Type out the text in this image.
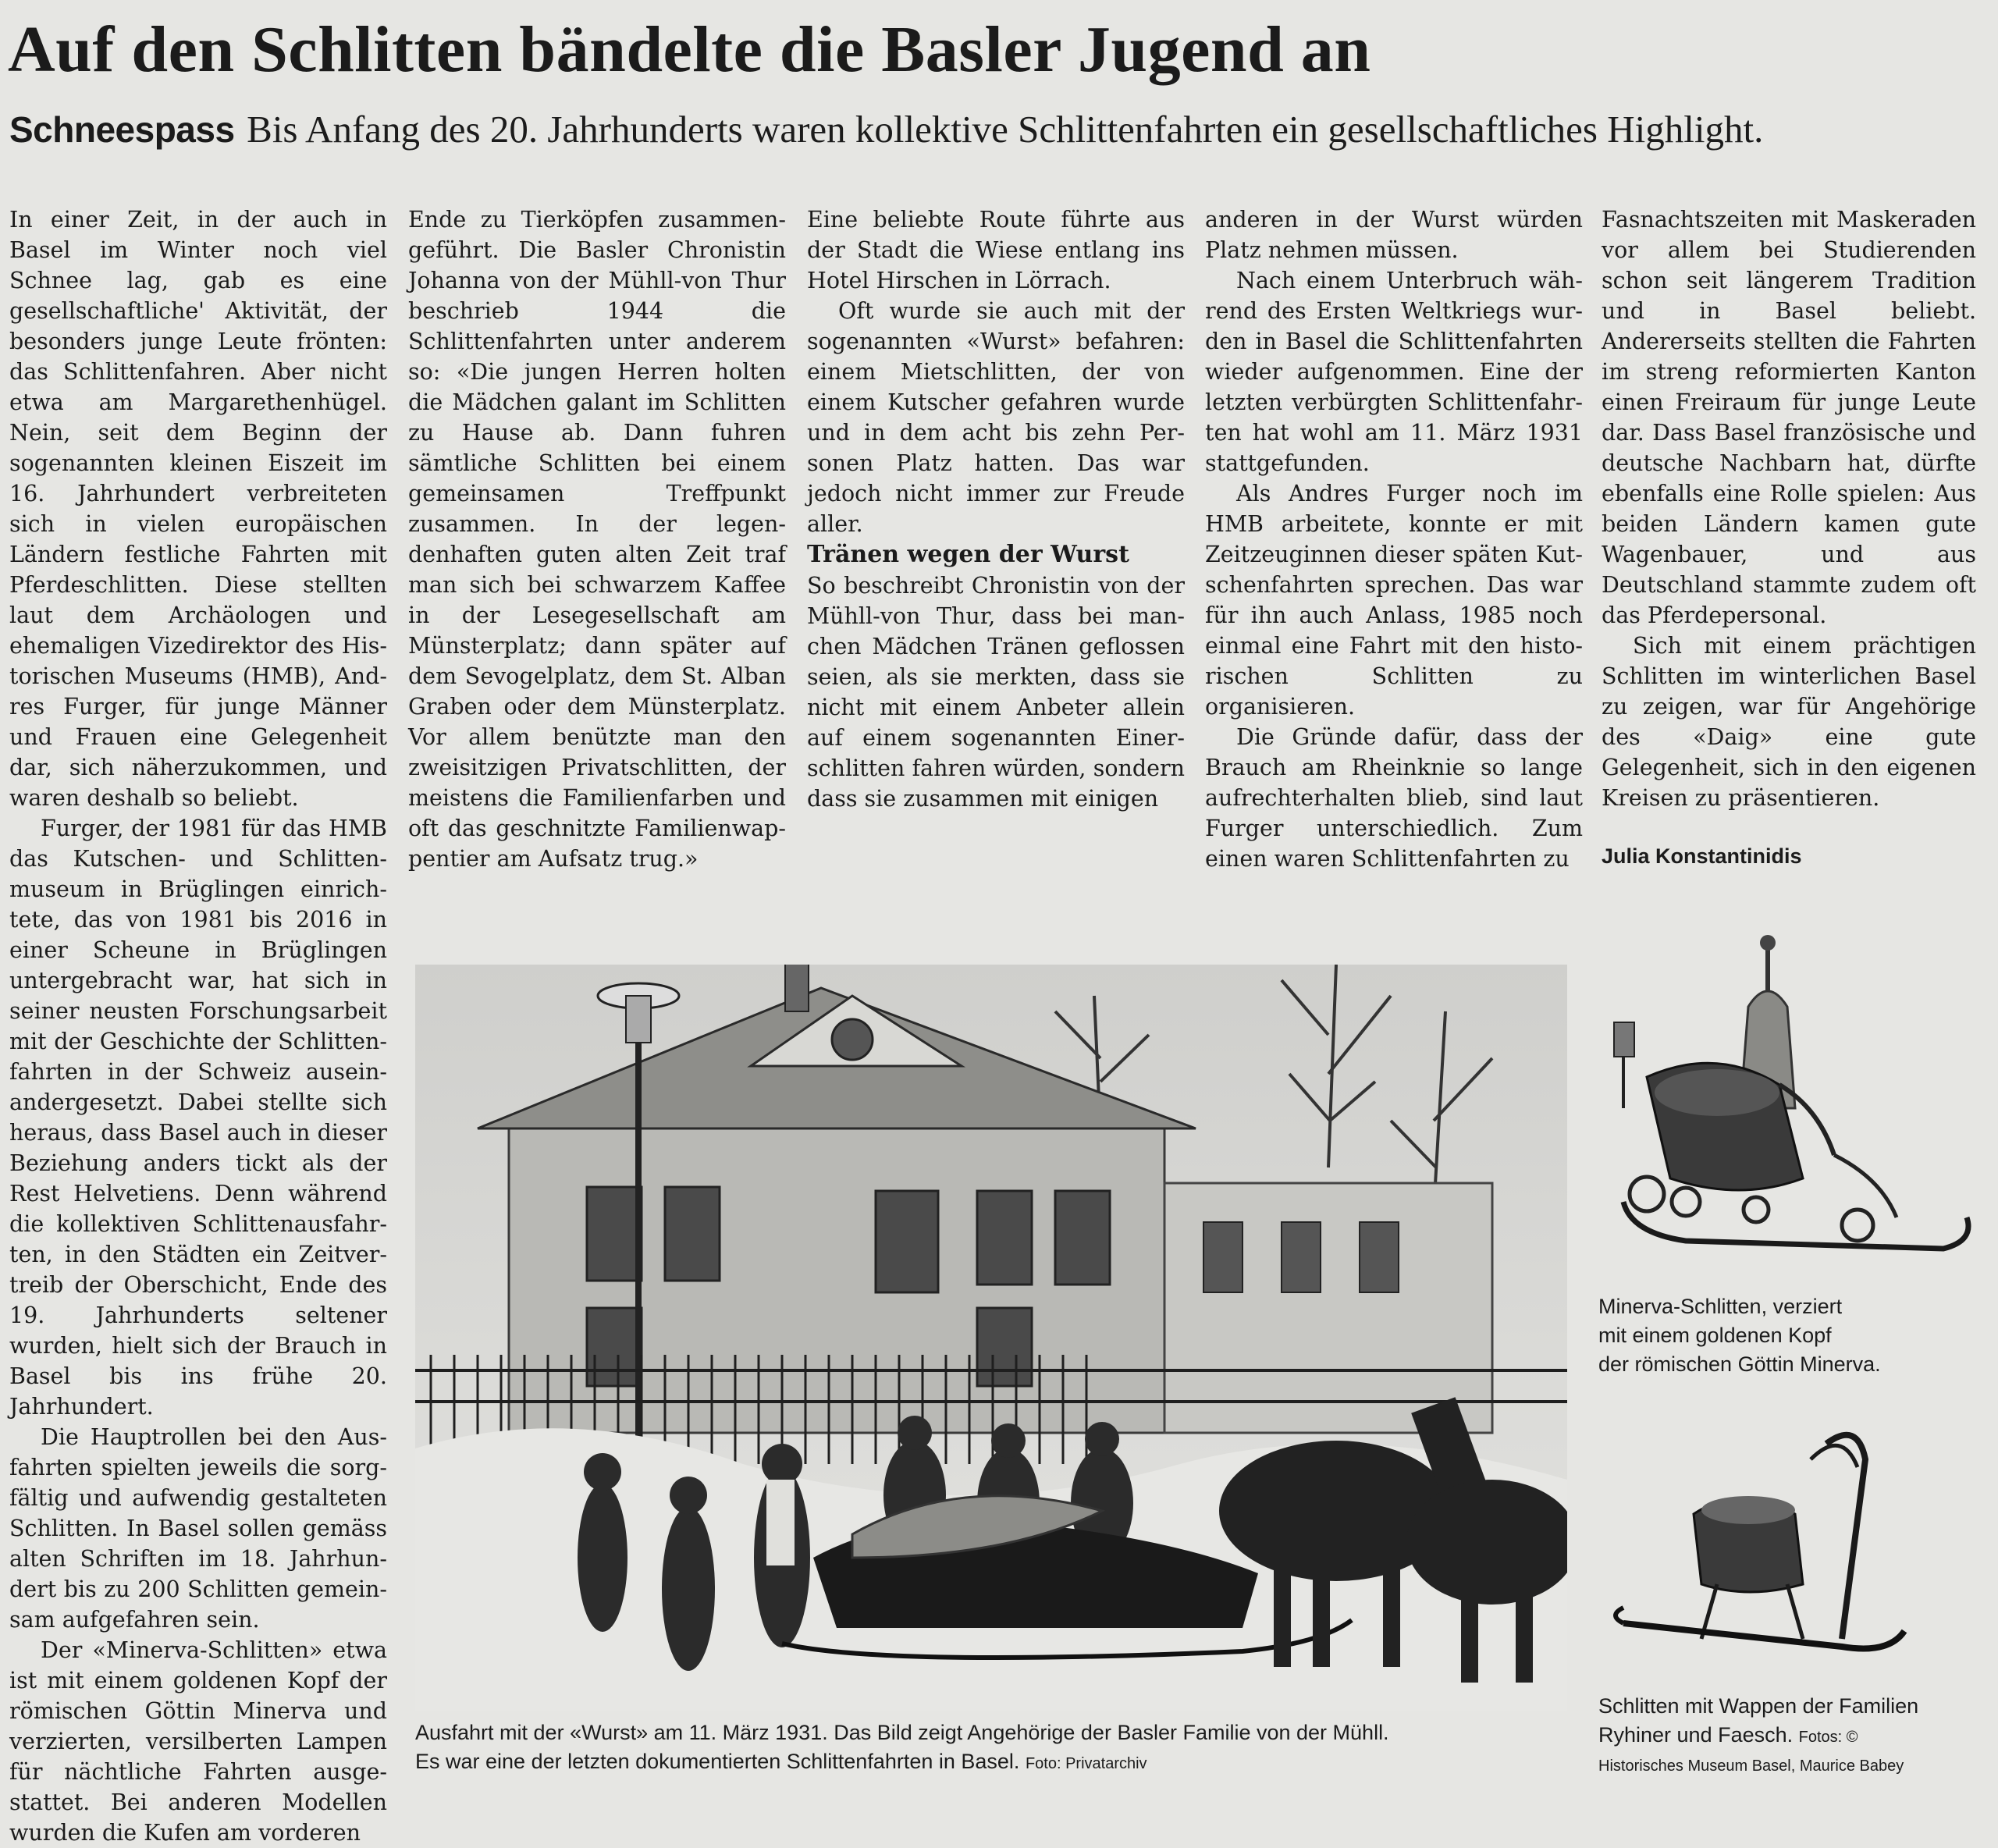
Auf den Schlitten bändelte die Basler Jugend an
Schneespass Bis Anfang des 20. Jahrhunderts waren kollektive Schlittenfahrten ein gesellschaftliches Highlight.

In einer Zeit, in der auch in Basel im Winter noch viel Schnee lag, gab es eine gesellschaftliche' Aktivität, der besonders junge Leute frönten: das Schlittenfahren. Aber nicht etwa am Margarethenhügel. Nein, seit dem Beginn der sogenannten kleinen Eiszeit im 16. Jahrhundert verbreiteten sich in vielen europäischen Ländern festliche Fahrten mit Pferdeschlitten. Diese stellten laut dem Archäologen und ehemaligen Vizedirektor des Historischen Museums (HMB), Andres Furger, für junge Männer und Frauen eine Gelegenheit dar, sich näherzukommen, und waren deshalb so beliebt.

Furger, der 1981 für das HMB das Kutschen- und Schlittenmuseum in Brüglingen einrichtete, das von 1981 bis 2016 in einer Scheune in Brüglingen untergebracht war, hat sich in seiner neusten Forschungsarbeit mit der Geschichte der Schlittenfahrten in der Schweiz auseinandergesetzt. Dabei stellte sich heraus, dass Basel auch in dieser Beziehung anders tickt als der Rest Helvetiens. Denn während die kollektiven Schlittenausfahrten, in den Städten ein Zeitvertreib der Oberschicht, Ende des 19. Jahrhunderts seltener wurden, hielt sich der Brauch in Basel bis ins frühe 20. Jahrhundert.

Die Hauptrollen bei den Ausfahrten spielten jeweils die sorgfältig und aufwendig gestalteten Schlitten. In Basel sollen gemäss alten Schriften im 18. Jahrhundert bis zu 200 Schlitten gemeinsam aufgefahren sein.

Der «Minerva-Schlitten» etwa ist mit einem goldenen Kopf der römischen Göttin Minerva und verzierten, versilberten Lampen für nächtliche Fahrten ausgestattet. Bei anderen Modellen wurden die Kufen am vorderen

Ende zu Tierköpfen zusammengeführt. Die Basler Chronistin Johanna von der Mühll-von Thur beschrieb 1944 die Schlittenfahrten unter anderem so: «Die jungen Herren holten die Mädchen galant im Schlitten zu Hause ab. Dann fuhren sämtliche Schlitten bei einem gemeinsamen Treffpunkt zusammen. In der legendenhaften guten alten Zeit traf man sich bei schwarzem Kaffee in der Lesegesellschaft am Münsterplatz; dann später auf dem Sevogelplatz, dem St. Alban Graben oder dem Münsterplatz. Vor allem benützte man den zweisitzigen Privatschlitten, der meistens die Familienfarben und oft das geschnitzte Familienwappentier am Aufsatz trug.»

Eine beliebte Route führte aus der Stadt die Wiese entlang ins Hotel Hirschen in Lörrach.

Oft wurde sie auch mit der sogenannten «Wurst» befahren: einem Mietschlitten, der von einem Kutscher gefahren wurde und in dem acht bis zehn Personen Platz hatten. Das war jedoch nicht immer zur Freude aller.

Tränen wegen der Wurst

So beschreibt Chronistin von der Mühll-von Thur, dass bei manchen Mädchen Tränen geflossen seien, als sie merkten, dass sie nicht mit einem Anbeter allein auf einem sogenannten Einerschlitten fahren würden, sondern dass sie zusammen mit einigen

anderen in der Wurst würden Platz nehmen müssen.

Nach einem Unterbruch während des Ersten Weltkriegs wurden in Basel die Schlittenfahrten wieder aufgenommen. Eine der letzten verbürgten Schlittenfahrten hat wohl am 11. März 1931 stattgefunden.

Als Andres Furger noch im HMB arbeitete, konnte er mit Zeitzeuginnen dieser späten Kutschenfahrten sprechen. Das war für ihn auch Anlass, 1985 noch einmal eine Fahrt mit den historischen Schlitten zu organisieren.

Die Gründe dafür, dass der Brauch am Rheinknie so lange aufrechterhalten blieb, sind laut Furger unterschiedlich. Zum einen waren Schlittenfahrten zu

Fasnachtszeiten mit Maskeraden vor allem bei Studierenden schon seit längerem Tradition und in Basel beliebt. Andererseits stellten die Fahrten im streng reformierten Kanton einen Freiraum für junge Leute dar. Dass Basel französische und deutsche Nachbarn hat, dürfte ebenfalls eine Rolle spielen: Aus beiden Ländern kamen gute Wagenbauer, und aus Deutschland stammte zudem oft das Pferdepersonal.

Sich mit einem prächtigen Schlitten im winterlichen Basel zu zeigen, war für Angehörige des «Daig» eine gute Gelegenheit, sich in den eigenen Kreisen zu präsentieren.

Julia Konstantinidis

Ausfahrt mit der «Wurst» am 11. März 1931. Das Bild zeigt Angehörige der Basler Familie von der Mühll.
Es war eine der letzten dokumentierten Schlittenfahrten in Basel. Foto: Privatarchiv
Minerva-Schlitten, verziert
mit einem goldenen Kopf
der römischen Göttin Minerva.
Schlitten mit Wappen der Familien
Ryhiner und Faesch. Fotos: ©
Historisches Museum Basel, Maurice Babey
